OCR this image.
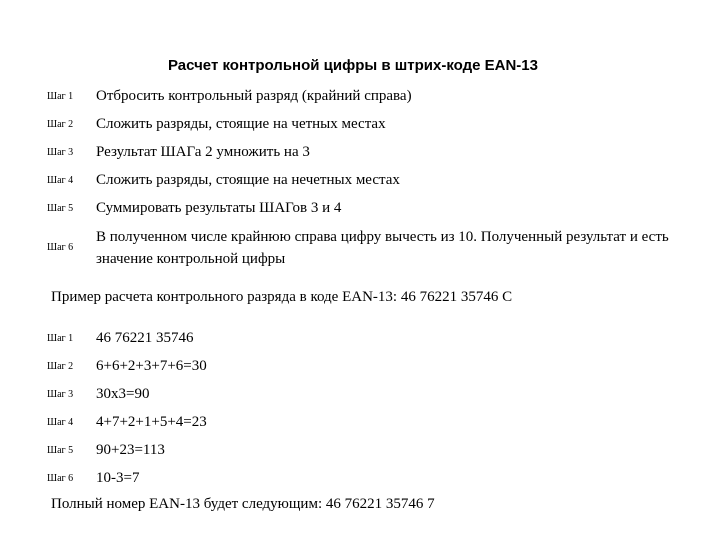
Расчет контрольной цифры в штрих-коде EAN-13
Шаг 1 Отбросить контрольный разряд (крайний справа)
Шаг 2 Сложить разряды, стоящие на четных местах
Шаг 3 Результат ШАГа 2 умножить на 3
Шаг 4 Сложить разряды, стоящие на нечетных местах
Шаг 5 Суммировать результаты ШАГов 3 и 4
Шаг 6
В полученном числе крайнюю справа цифру вычесть из 10. Полученный результат и есть значение контрольной цифры
Пример расчета контрольного разряда в коде EAN-13: 46 76221 35746 C
Шаг 1 46 76221 35746
Шаг 2 6+6+2+3+7+6=30
Шаг 3 30х3=90
Шаг 4 4+7+2+1+5+4=23
Шаг 5 90+23=113
Шаг 6 10-3=7
Полный номер EAN-13 будет следующим: 46 76221 35746 7
